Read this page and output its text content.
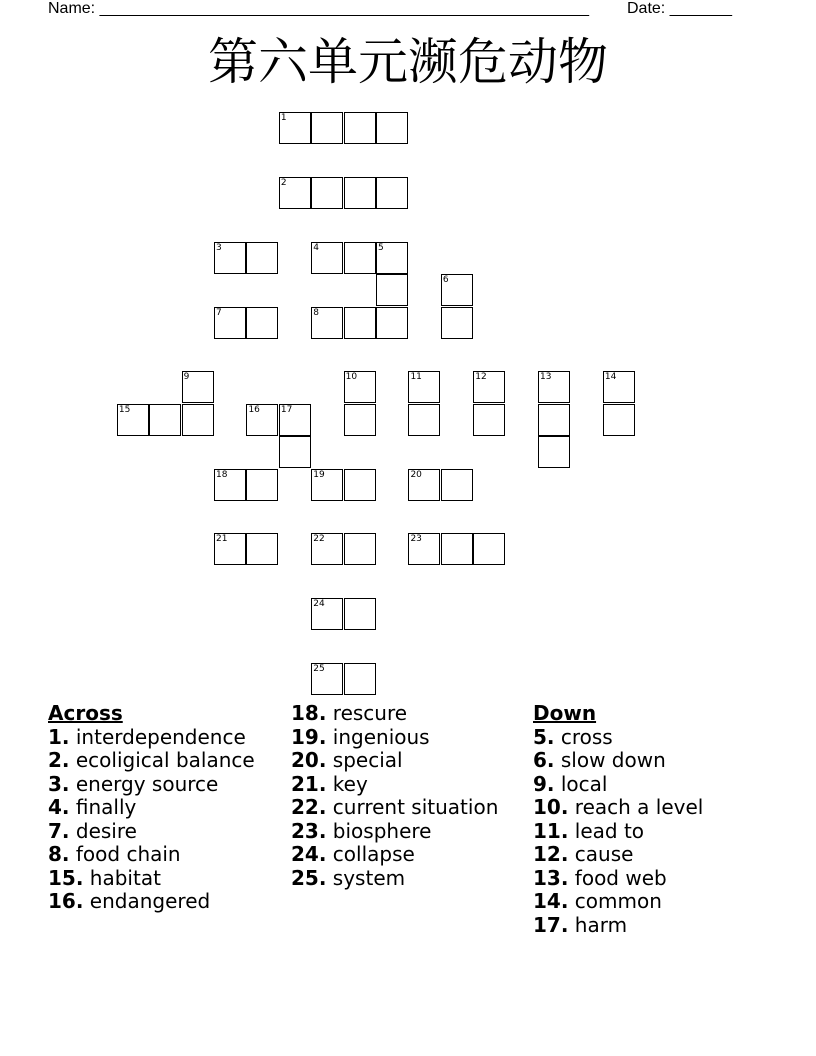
Name: _______________________________________________________ Date: _______
第六单元濒危动物
1
2
3	4	5
6
7	8
9	10	11	12	13	14
15	16 17
18	19	20
21	22	23
24
25
Across
1. interdependence
2. ecoligical balance
3. energy source
4. finally
7. desire
8. food chain
15. habitat
16. endangered
18. rescure
19. ingenious
20. special
21. key
22. current situation
23. biosphere
24. collapse
25. system
Down
5. cross
6. slow down
9. local
10. reach a level
11. lead to
12. cause
13. food web
14. common
17. harm
